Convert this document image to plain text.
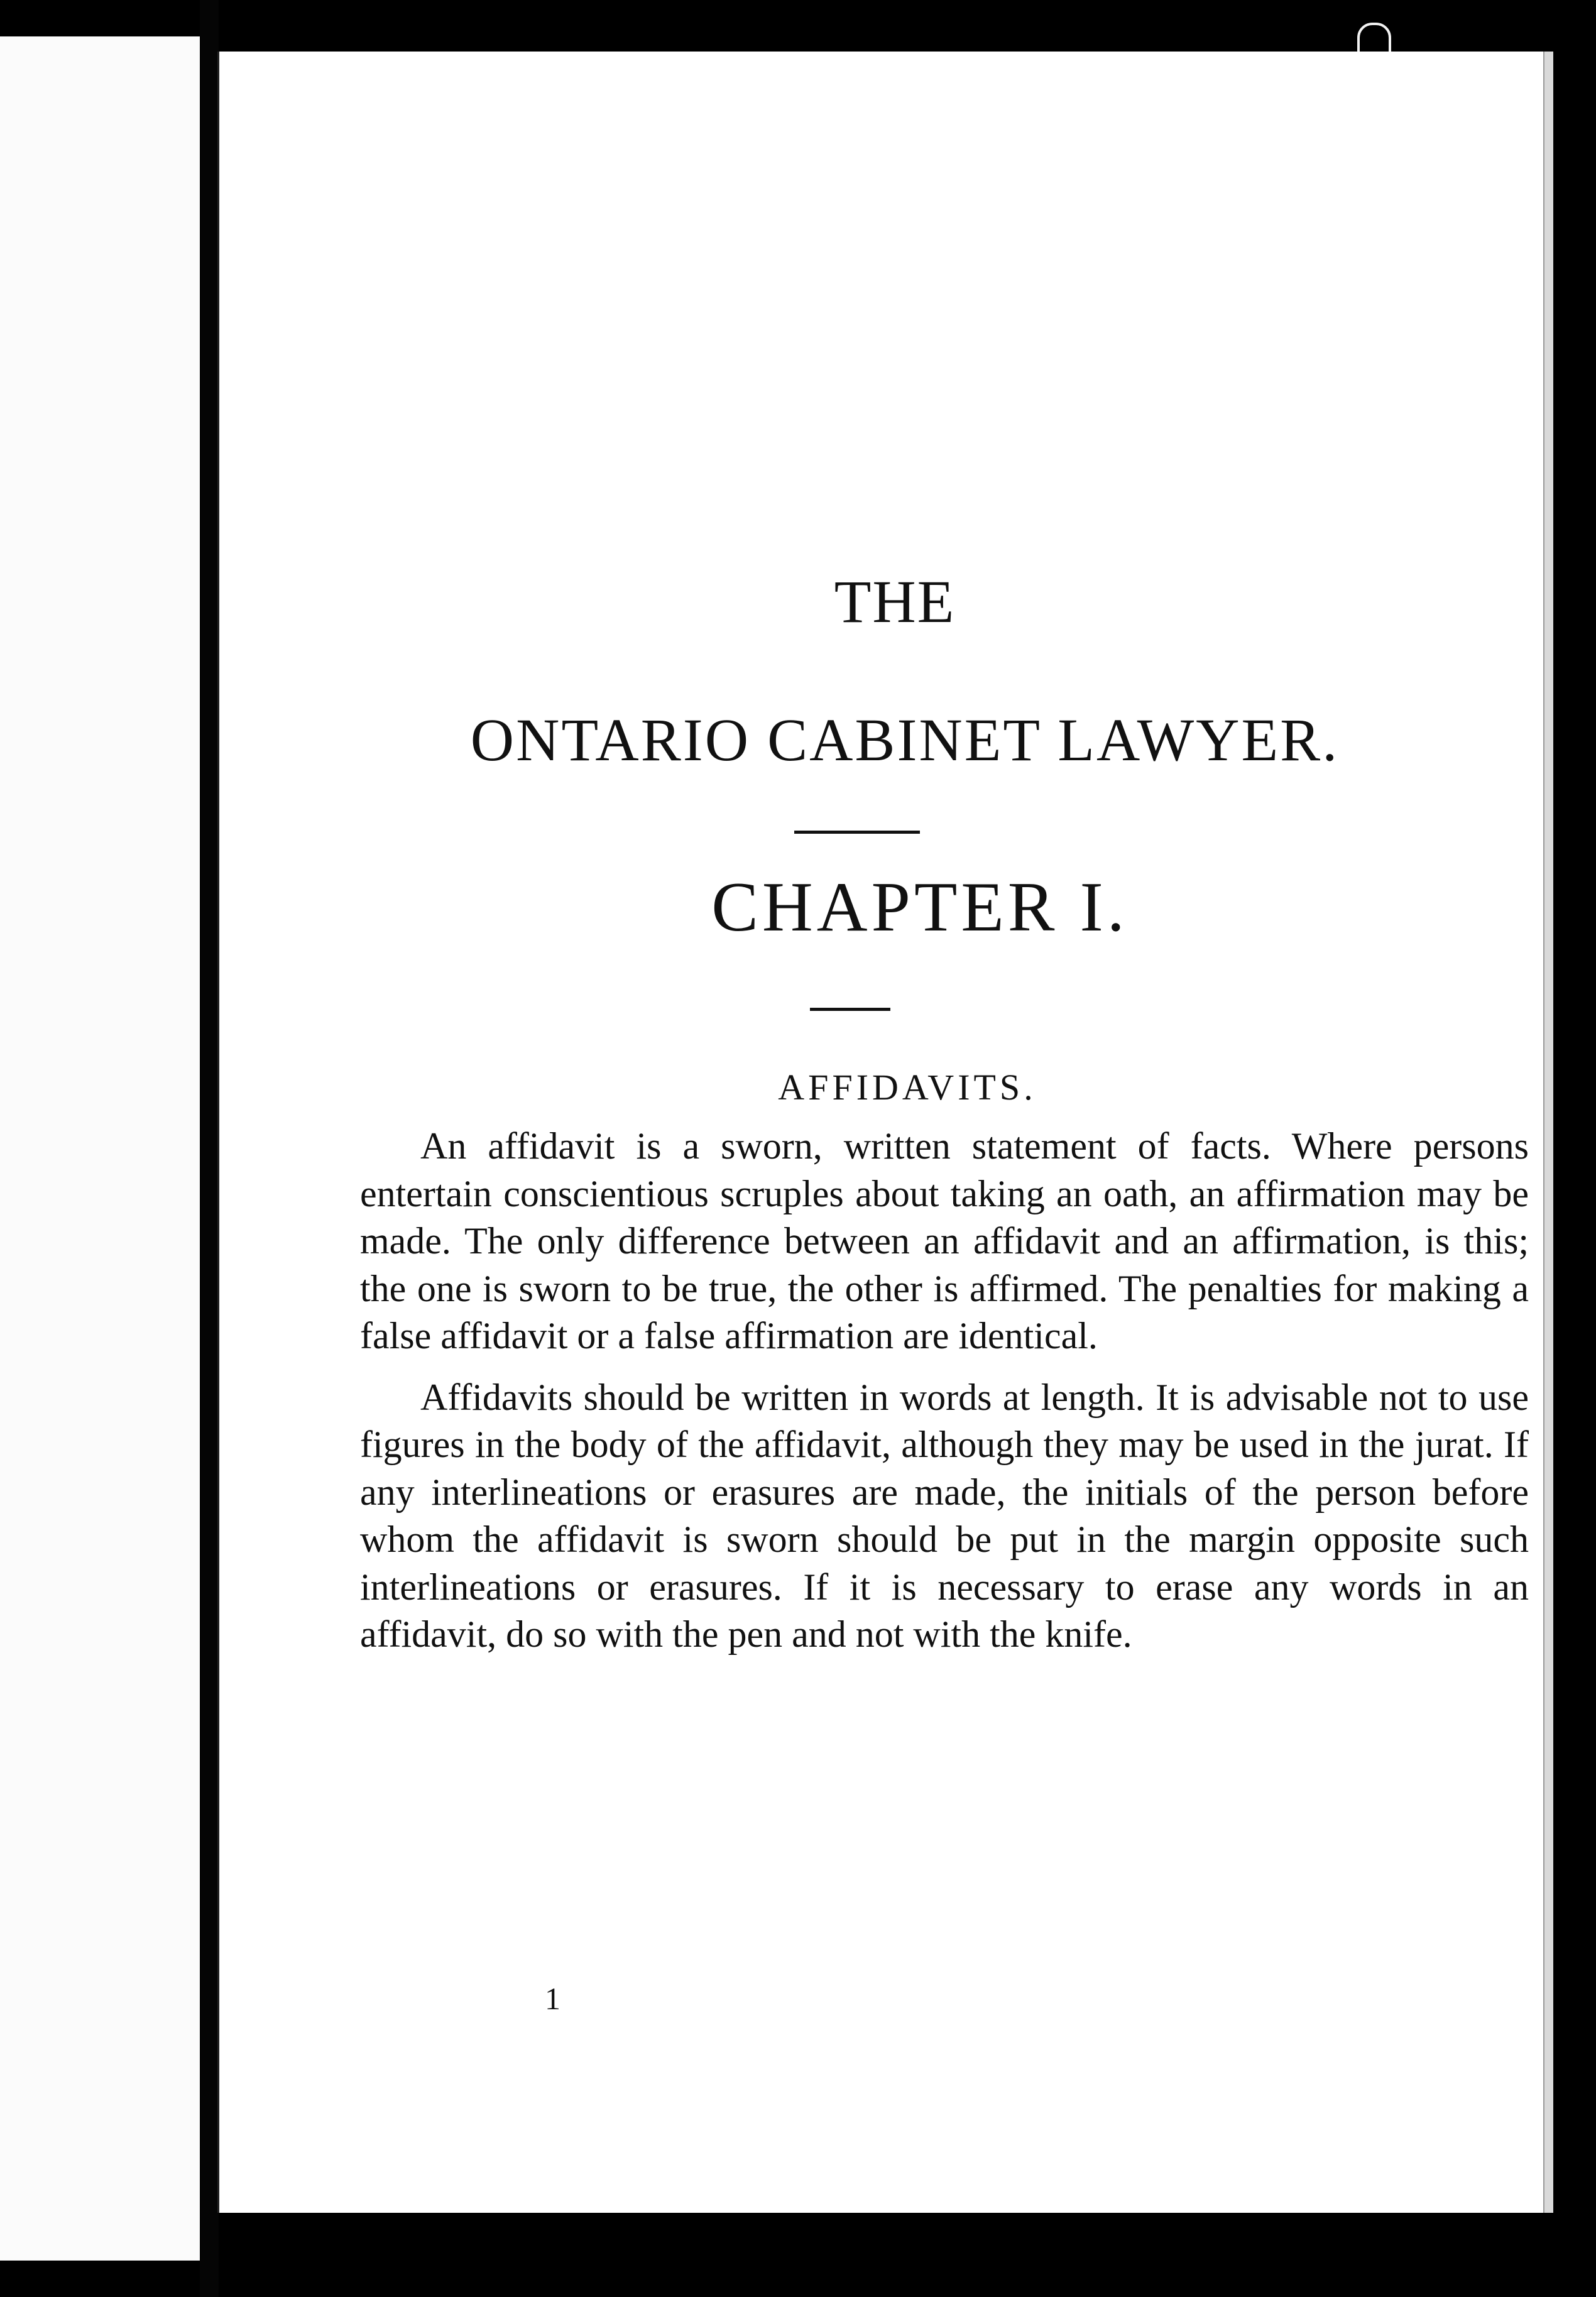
THE
ONTARIO CABINET LAWYER.
CHAPTER I.
AFFIDAVITS.

An affidavit is a sworn, written statement of facts. Where persons entertain conscientious scruples about taking an oath, an affirmation may be made. The only difference between an affidavit and an affirmation, is this; the one is sworn to be true, the other is affirmed. The penalties for making a false affidavit or a false affirmation are identical.

Affidavits should be written in words at length. It is advisable not to use figures in the body of the affidavit, although they may be used in the jurat. If any interlineations or erasures are made, the initials of the person before whom the affidavit is sworn should be put in the margin opposite such interlineations or erasures. If it is necessary to erase any words in an affidavit, do so with the pen and not with the knife.

1
